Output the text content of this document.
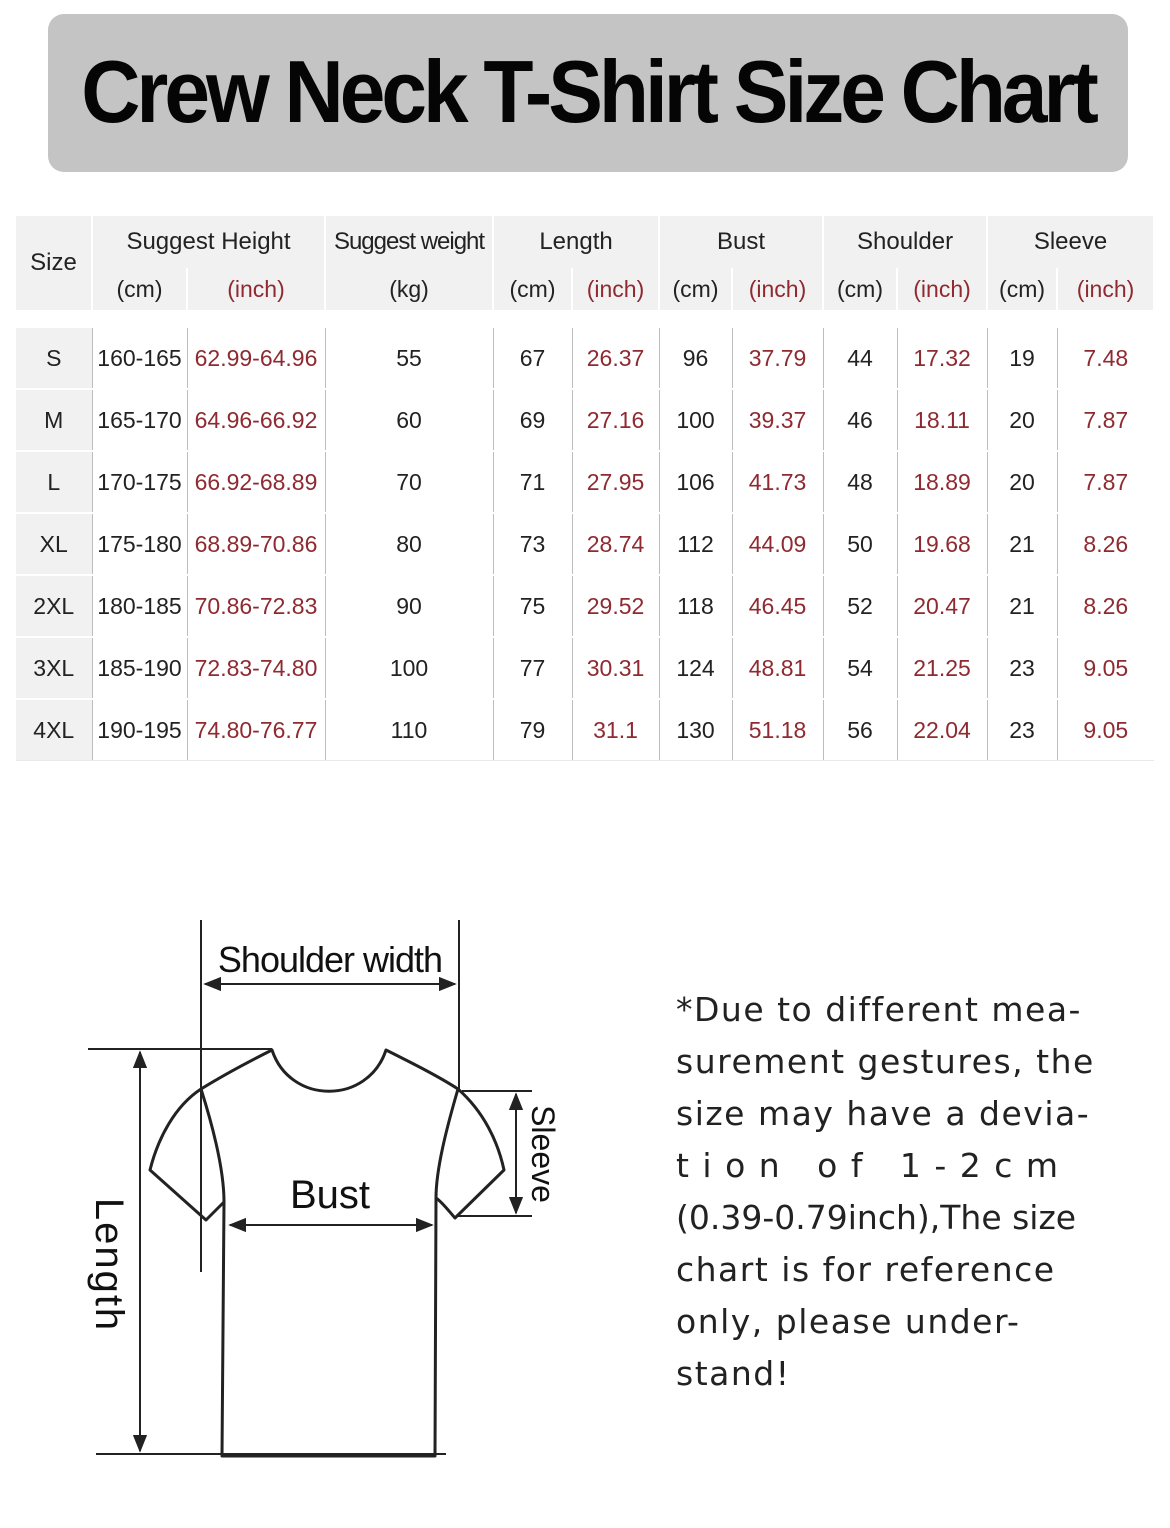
Crew Neck T-Shirt Size Chart
Size	Suggest Height		Suggest weight	Length		Bust		Shoulder		Sleeve	
	(cm)	(inch)	(kg)	(cm)	(inch)	(cm)	(inch)	(cm)	(inch)	(cm)	(inch)

S	160-165	62.99-64.96	55	67	26.37	96	37.79	44	17.32	19	7.48
M	165-170	64.96-66.92	60	69	27.16	100	39.37	46	18.11	20	7.87
L	170-175	66.92-68.89	70	71	27.95	106	41.73	48	18.89	20	7.87
XL	175-180	68.89-70.86	80	73	28.74	112	44.09	50	19.68	21	8.26
2XL	180-185	70.86-72.83	90	75	29.52	118	46.45	52	20.47	21	8.26
3XL	185-190	72.83-74.80	100	77	30.31	124	48.81	54	21.25	23	9.05
4XL	190-195	74.80-76.77	110	79	31.1	130	51.18	56	22.04	23	9.05
Shoulder width
Length
Sleeve
Bust
*Due to different mea-
surement gestures, the
size may have a devia-
t i o n   o f   1 - 2 c m
(0.39-0.79inch),The size
chart is for reference
only, please under-
stand!
